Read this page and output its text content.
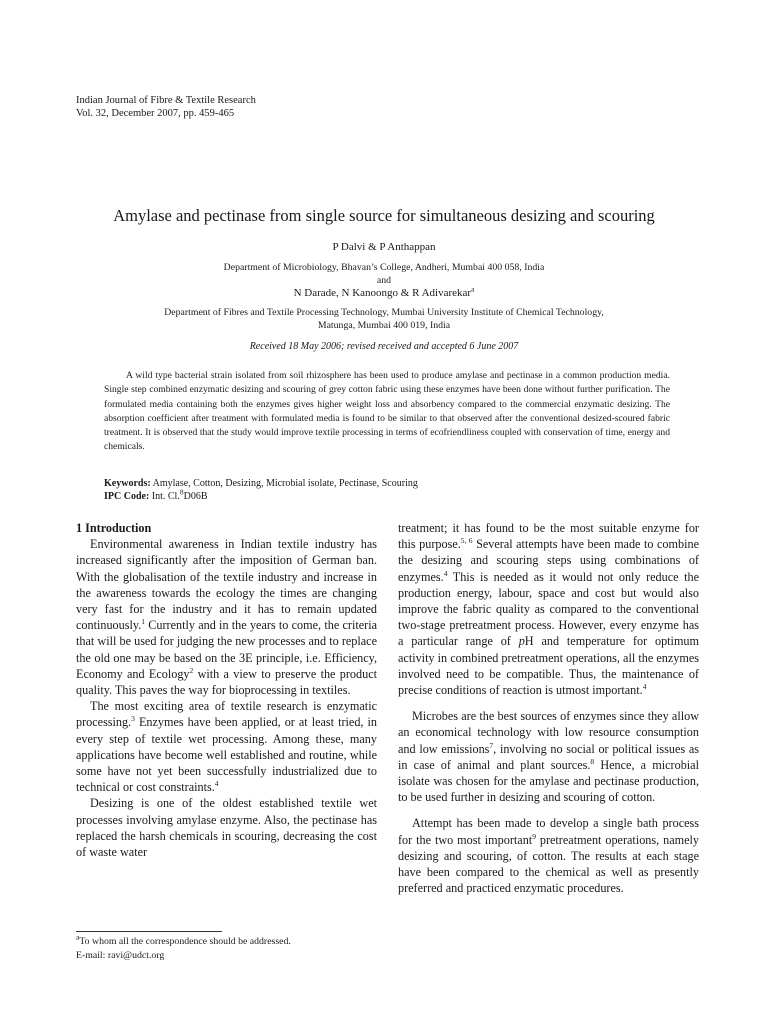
Indian Journal of Fibre & Textile Research
Vol. 32, December 2007, pp. 459-465
Amylase and pectinase from single source for simultaneous desizing and scouring
P Dalvi & P Anthappan
Department of Microbiology, Bhavan’s College, Andheri, Mumbai 400 058, India
and
N Darade, N Kanoongo & R Adivarekar$^a$
Department of Fibres and Textile Processing Technology, Mumbai University Institute of Chemical Technology,
Matunga, Mumbai 400 019, India
Received 18 May 2006; revised received and accepted 6 June 2007

A wild type bacterial strain isolated from soil rhizosphere has been used to produce amylase and pectinase in a common production media. Single step combined enzymatic desizing and scouring of grey cotton fabric using these enzymes have been done without further purification. The formulated media containing both the enzymes gives higher weight loss and absorbency compared to the commercial enzymatic desizing. The absorption coefficient after treatment with formulated media is found to be similar to that observed after the conventional desized-scoured fabric treatment. It is observed that the study would improve textile processing in terms of ecofriendliness coupled with conservation of time, energy and chemicals.

Keywords: Amylase, Cotton, Desizing, Microbial isolate, Pectinase, Scouring
IPC Code: Int. Cl.$^8$D06B
1 Introduction

Environmental awareness in Indian textile industry has increased significantly after the imposition of German ban. With the globalisation of the textile industry and increase in the awareness towards the ecology the times are changing very fast for the industry and it has to remain updated continuously.$^1$ Currently and in the years to come, the criteria that will be used for judging the new processes and to replace the old one may be based on the 3E principle, i.e. Efficiency, Economy and Ecology$^2$ with a view to preserve the product quality. This paves the way for bioprocessing in textiles.

The most exciting area of textile research is enzymatic processing.$^3$ Enzymes have been applied, or at least tried, in every step of textile wet processing. Among these, many applications have become well established and routine, while some have not yet been successfully industrialized due to technical or cost constraints.$^4$

Desizing is one of the oldest established textile wet processes involving amylase enzyme. Also, the pectinase has replaced the harsh chemicals in scouring, decreasing the cost of waste water

treatment; it has found to be the most suitable enzyme for this purpose.$^{5, 6}$ Several attempts have been made to combine the desizing and scouring steps using combinations of enzymes.$^4$ This is needed as it would not only reduce the production energy, labour, space and cost but would also improve the fabric quality as compared to the conventional two-stage pretreatment process. However, every enzyme has a particular range of pH and temperature for optimum activity in combined pretreatment operations, all the enzymes involved need to be compatible. Thus, the maintenance of precise conditions of reaction is utmost important.$^4$

Microbes are the best sources of enzymes since they allow an economical technology with low resource consumption and low emissions$^7$, involving no social or political issues as in case of animal and plant sources.$^8$ Hence, a microbial isolate was chosen for the amylase and pectinase production, to be used further in desizing and scouring of cotton.

Attempt has been made to develop a single bath process for the two most important$^9$ pretreatment operations, namely desizing and scouring, of cotton. The results at each stage have been compared to the chemical as well as presently preferred and practiced enzymatic procedures.

$^a$To whom all the correspondence should be addressed.
E-mail: ravi@udct.org
